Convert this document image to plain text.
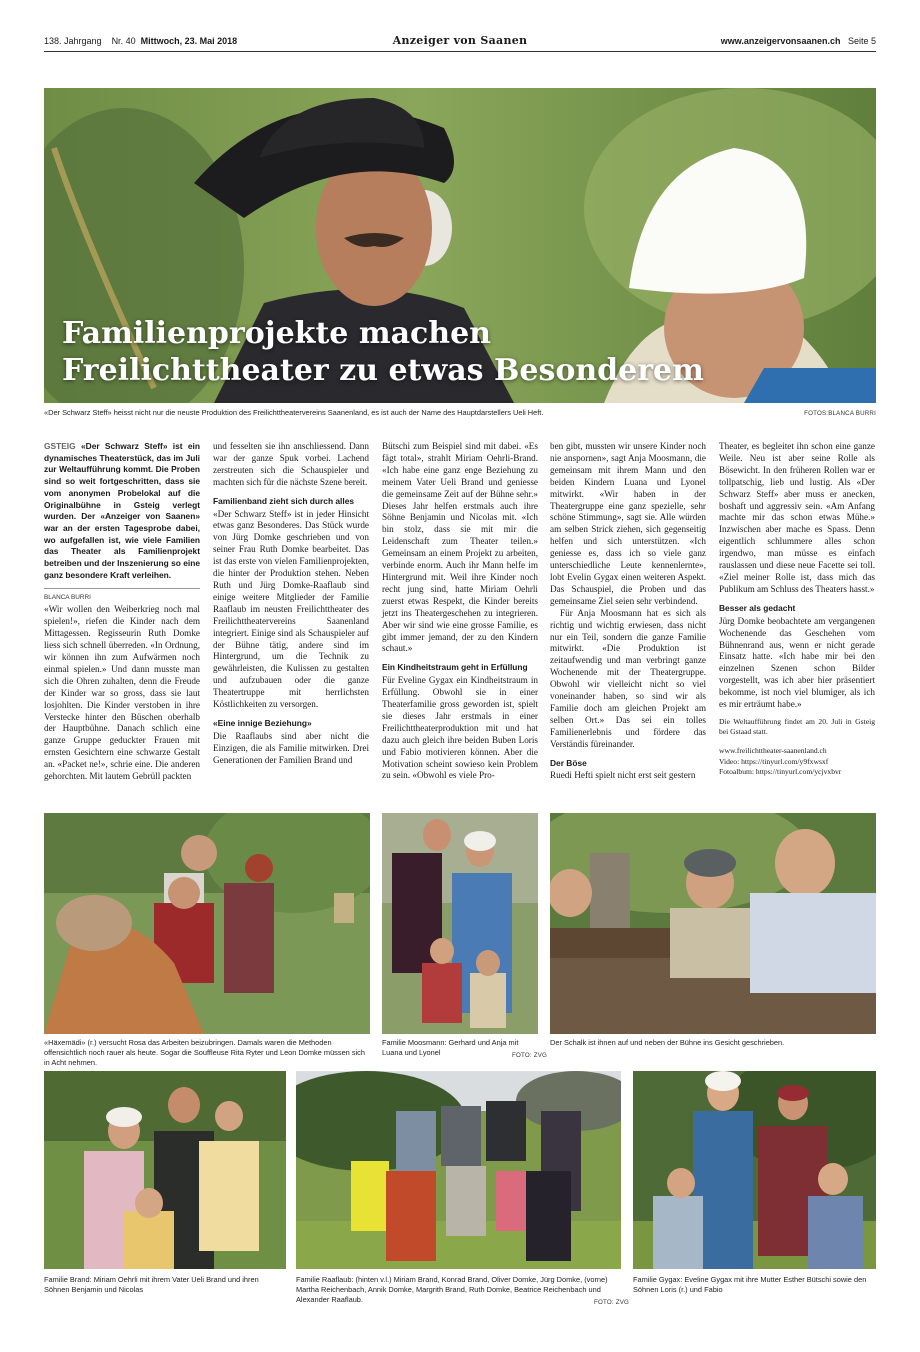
138. Jahrgang Nr. 40 Mittwoch, 23. Mai 2018	Anzeiger von Saanen	www.anzeigervonsaanen.ch Seite 5
Familienprojekte machen
Freilichttheater zu etwas Besonderem
«Der Schwarz Steff» heisst nicht nur die neuste Produktion des Freilichttheatervereins Saanenland, es ist auch der Name des Hauptdarstellers Ueli Heft.	FOTOS:BLANCA BURRI
GSTEIG «Der Schwarz Steff» ist ein dynamisches Theaterstück, das im Juli zur Weltaufführung kommt. Die Proben sind so weit fortgeschritten, dass sie vom anonymen Probelokal auf die Originalbühne in Gsteig verlegt wurden. Der «Anzeiger von Saanen» war an der ersten Tagesprobe dabei, wo aufgefallen ist, wie viele Familien das Theater als Familienprojekt betreiben und der Inszenierung so eine ganz besondere Kraft verleihen.
BLANCA BURRI

«Wir wollen den Weiberkrieg noch mal spielen!», riefen die Kinder nach dem Mittagessen. Regisseurin Ruth Domke liess sich schnell überreden. «In Ordnung, wir können ihn zum Aufwärmen noch einmal spielen.» Und dann musste man sich die Ohren zuhalten, denn die Freude der Kinder war so gross, dass sie laut losjohlten. Die Kinder verstoben in ihre Verstecke hinter den Büschen oberhalb der Hauptbühne. Danach schlich eine ganze Gruppe geduckter Frauen mit ernsten Gesichtern eine schwarze Gestalt an. «Packet ne!», schrie eine. Die anderen gehorchten. Mit lautem Gebrüll packten

und fesselten sie ihn anschliessend. Dann war der ganze Spuk vorbei. Lachend zerstreuten sich die Schauspieler und machten sich für die nächste Szene bereit.

Familienband zieht sich durch alles

«Der Schwarz Steff» ist in jeder Hinsicht etwas ganz Besonderes. Das Stück wurde von Jürg Domke geschrieben und von seiner Frau Ruth Domke bearbeitet. Das ist das erste von vielen Familienprojekten, die hinter der Produktion stehen. Neben Ruth und Jürg Domke-Raaflaub sind einige weitere Mitglieder der Familie Raaflaub im neusten Freilichttheater des Freilichttheatervereins Saanenland integriert. Einige sind als Schauspieler auf der Bühne tätig, andere sind im Hintergrund, um die Technik zu gewährleisten, die Kulissen zu gestalten und aufzubauen oder die ganze Theatertruppe mit herrlichsten Köstlichkeiten zu versorgen.

«Eine innige Beziehung»

Die Raaflaubs sind aber nicht die Einzigen, die als Familie mitwirken. Drei Generationen der Familien Brand und

Bütschi zum Beispiel sind mit dabei. «Es fägt total», strahlt Miriam Oehrli-Brand. «Ich habe eine ganz enge Beziehung zu meinem Vater Ueli Brand und geniesse die gemeinsame Zeit auf der Bühne sehr.» Dieses Jahr helfen erstmals auch ihre Söhne Benjamin und Nicolas mit. «Ich bin stolz, dass sie mit mir die Leidenschaft zum Theater teilen.» Gemeinsam an einem Projekt zu arbeiten, verbinde enorm. Auch ihr Mann helfe im Hintergrund mit. Weil ihre Kinder noch recht jung sind, hatte Miriam Oehrli zuerst etwas Respekt, die Kinder bereits jetzt ins Theatergeschehen zu integrieren. Aber wir sind wie eine grosse Familie, es gibt immer jemand, der zu den Kindern schaut.»

Ein Kindheitstraum geht in Erfüllung

Für Eveline Gygax ein Kindheitstraum in Erfüllung. Obwohl sie in einer Theaterfamilie gross geworden ist, spielt sie dieses Jahr erstmals in einer Freilichttheaterproduktion mit und hat dazu auch gleich ihre beiden Buben Loris und Fabio motivieren können. Aber die Motivation scheint sowieso kein Problem zu sein. «Obwohl es viele Pro-

ben gibt, mussten wir unsere Kinder noch nie anspornen», sagt Anja Moosmann, die gemeinsam mit ihrem Mann und den beiden Kindern Luana und Lyonel mitwirkt. «Wir haben in der Theatergruppe eine ganz spezielle, sehr schöne Stimmung», sagt sie. Alle würden am selben Strick ziehen, sich gegenseitig helfen und sich unterstützen. «Ich geniesse es, dass ich so viele ganz unterschiedliche Leute kennenlernte», lobt Evelin Gygax einen weiteren Aspekt. Das Schauspiel, die Proben und das gemeinsame Ziel seien sehr verbindend.

Für Anja Moosmann hat es sich als richtig und wichtig erwiesen, dass nicht nur ein Teil, sondern die ganze Familie mitwirkt. «Die Produktion ist zeitaufwendig und man verbringt ganze Wochenende mit der Theatergruppe. Obwohl wir vielleicht nicht so viel voneinander haben, so sind wir als Familie doch am gleichen Projekt am selben Ort.» Das sei ein tolles Familienerlebnis und fördere das Verständis füreinander.

Der Böse

Ruedi Hefti spielt nicht erst seit gestern

Theater, es begleitet ihn schon eine ganze Weile. Neu ist aber seine Rolle als Bösewicht. In den früheren Rollen war er tollpatschig, lieb und lustig. Als «Der Schwarz Steff» aber muss er anecken, boshaft und aggressiv sein. «Am Anfang machte mir das schon etwas Mühe.» Inzwischen aber mache es Spass. Denn eigentlich schlummere alles schon irgendwo, man müsse es einfach rauslassen und diese neue Facette sei toll. «Ziel meiner Rolle ist, dass mich das Publikum am Schluss des Theaters hasst.»

Besser als gedacht

Jürg Domke beobachtete am vergangenen Wochenende das Geschehen vom Bühnenrand aus, wenn er nicht gerade Einsatz hatte. «Ich habe mir bei den einzelnen Szenen schon Bilder vorgestellt, was ich aber hier präsentiert bekomme, ist noch viel blumiger, als ich es mir erträumt habe.»

Die Weltaufführung findet am 20. Juli in Gsteig bei Gstaad statt.
www.freilichttheater-saanenland.ch
Video: https://tinyurl.com/y9fxwsxf
Fotoalbum: https://tinyurl.com/ycjvxbvr
«Häxemädi» (r.) versucht Rosa das Arbeiten beizubringen. Damals waren die Methoden offensichtlich noch rauer als heute. Sogar die Souffleuse Rita Ryter und Leon Domke müssen sich in Acht nehmen.
Familie Moosmann: Gerhard und Anja mit Luana und Lyonel	FOTO: ZVG
Der Schalk ist ihnen auf und neben der Bühne ins Gesicht geschrieben.
Familie Brand: Miriam Oehrli mit ihrem Vater Ueli Brand und ihren Söhnen Benjamin und Nicolas
Familie Raaflaub: (hinten v.l.) Miriam Brand, Konrad Brand, Oliver Domke, Jürg Domke, (vorne) Martha Reichenbach, Annik Domke, Margrith Brand, Ruth Domke, Beatrice Reichenbach und Alexander Raaflaub.	FOTO: ZVG
Familie Gygax: Eveline Gygax mit ihre Mutter Esther Bütschi sowie den Söhnen Loris (r.) und Fabio
